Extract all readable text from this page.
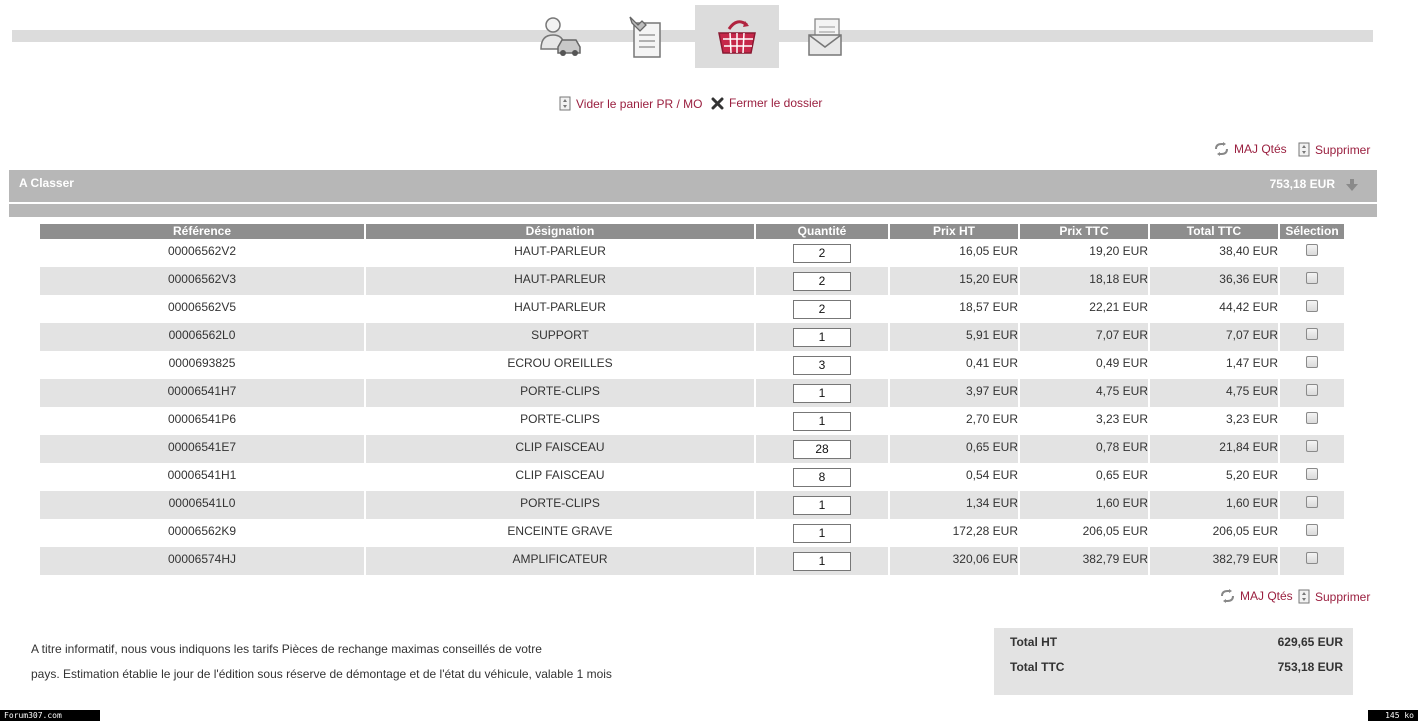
Vider le panier PR / MO Fermer le dossier
MAJ Qtés Supprimer
A Classer	753,18 EUR
Référence	Désignation	Quantité	Prix HT	Prix TTC	Total TTC	Sélection
00006562V2	HAUT-PARLEUR	2	16,05 EUR	19,20 EUR	38,40 EUR	
00006562V3	HAUT-PARLEUR	2	15,20 EUR	18,18 EUR	36,36 EUR	
00006562V5	HAUT-PARLEUR	2	18,57 EUR	22,21 EUR	44,42 EUR	
00006562L0	SUPPORT	1	5,91 EUR	7,07 EUR	7,07 EUR	
0000693825	ECROU OREILLES	3	0,41 EUR	0,49 EUR	1,47 EUR	
00006541H7	PORTE-CLIPS	1	3,97 EUR	4,75 EUR	4,75 EUR	
00006541P6	PORTE-CLIPS	1	2,70 EUR	3,23 EUR	3,23 EUR	
00006541E7	CLIP FAISCEAU	28	0,65 EUR	0,78 EUR	21,84 EUR	
00006541H1	CLIP FAISCEAU	8	0,54 EUR	0,65 EUR	5,20 EUR	
00006541L0	PORTE-CLIPS	1	1,34 EUR	1,60 EUR	1,60 EUR	
00006562K9	ENCEINTE GRAVE	1	172,28 EUR	206,05 EUR	206,05 EUR	
00006574HJ	AMPLIFICATEUR	1	320,06 EUR	382,79 EUR	382,79 EUR	
MAJ Qtés Supprimer
A titre informatif, nous vous indiquons les tarifs Pièces de rechange maximas conseillés de votre
pays. Estimation établie le jour de l'édition sous réserve de démontage et de l'état du véhicule, valable 1 mois
Total HT	629,65 EUR
Total TTC	753,18 EUR
Forum307.com	145 ko
